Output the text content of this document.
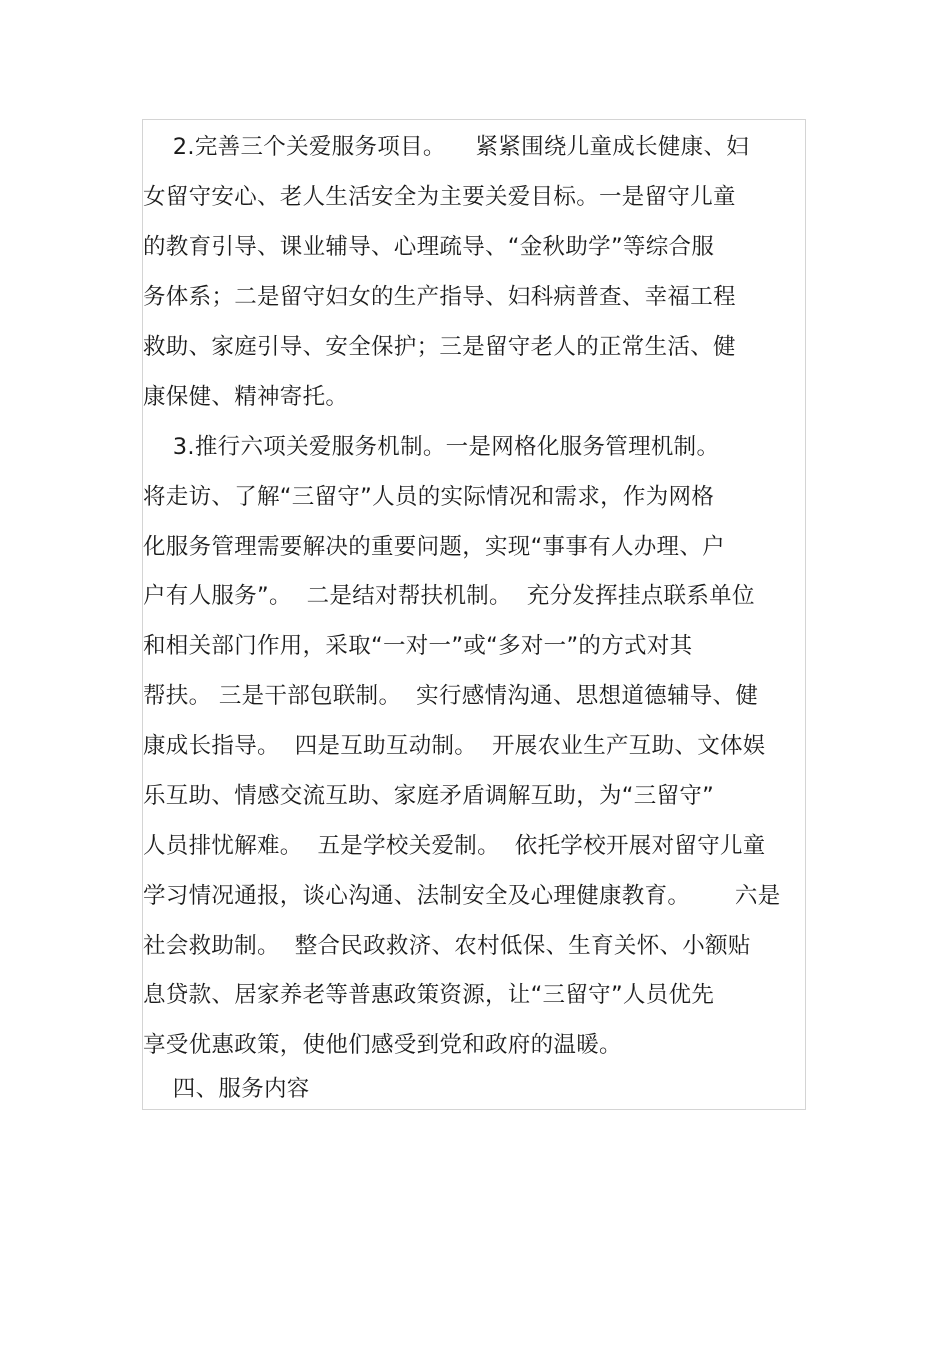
2.完善三个关爱服务项目。    紧紧围绕儿童成长健康、妇
女留守安心、老人生活安全为主要关爱目标。一是留守儿童
的教育引导、课业辅导、心理疏导、“金秋助学”等综合服
务体系；二是留守妇女的生产指导、妇科病普查、幸福工程
救助、家庭引导、安全保护；三是留守老人的正常生活、健
康保健、精神寄托。
3.推行六项关爱服务机制。一是网格化服务管理机制。
将走访、了解“三留守”人员的实际情况和需求，作为网格
化服务管理需要解决的重要问题，实现“事事有人办理、户
户有人服务”。  二是结对帮扶机制。  充分发挥挂点联系单位
和相关部门作用，采取“一对一”或“多对一”的方式对其
帮扶。 三是干部包联制。  实行感情沟通、思想道德辅导、健
康成长指导。  四是互助互动制。  开展农业生产互助、文体娱
乐互助、情感交流互助、家庭矛盾调解互助，为“三留守”
人员排忧解难。  五是学校关爱制。  依托学校开展对留守儿童
学习情况通报，谈心沟通、法制安全及心理健康教育。      六是
社会救助制。  整合民政救济、农村低保、生育关怀、小额贴
息贷款、居家养老等普惠政策资源，让“三留守”人员优先
享受优惠政策，使他们感受到党和政府的温暖。
四、服务内容
